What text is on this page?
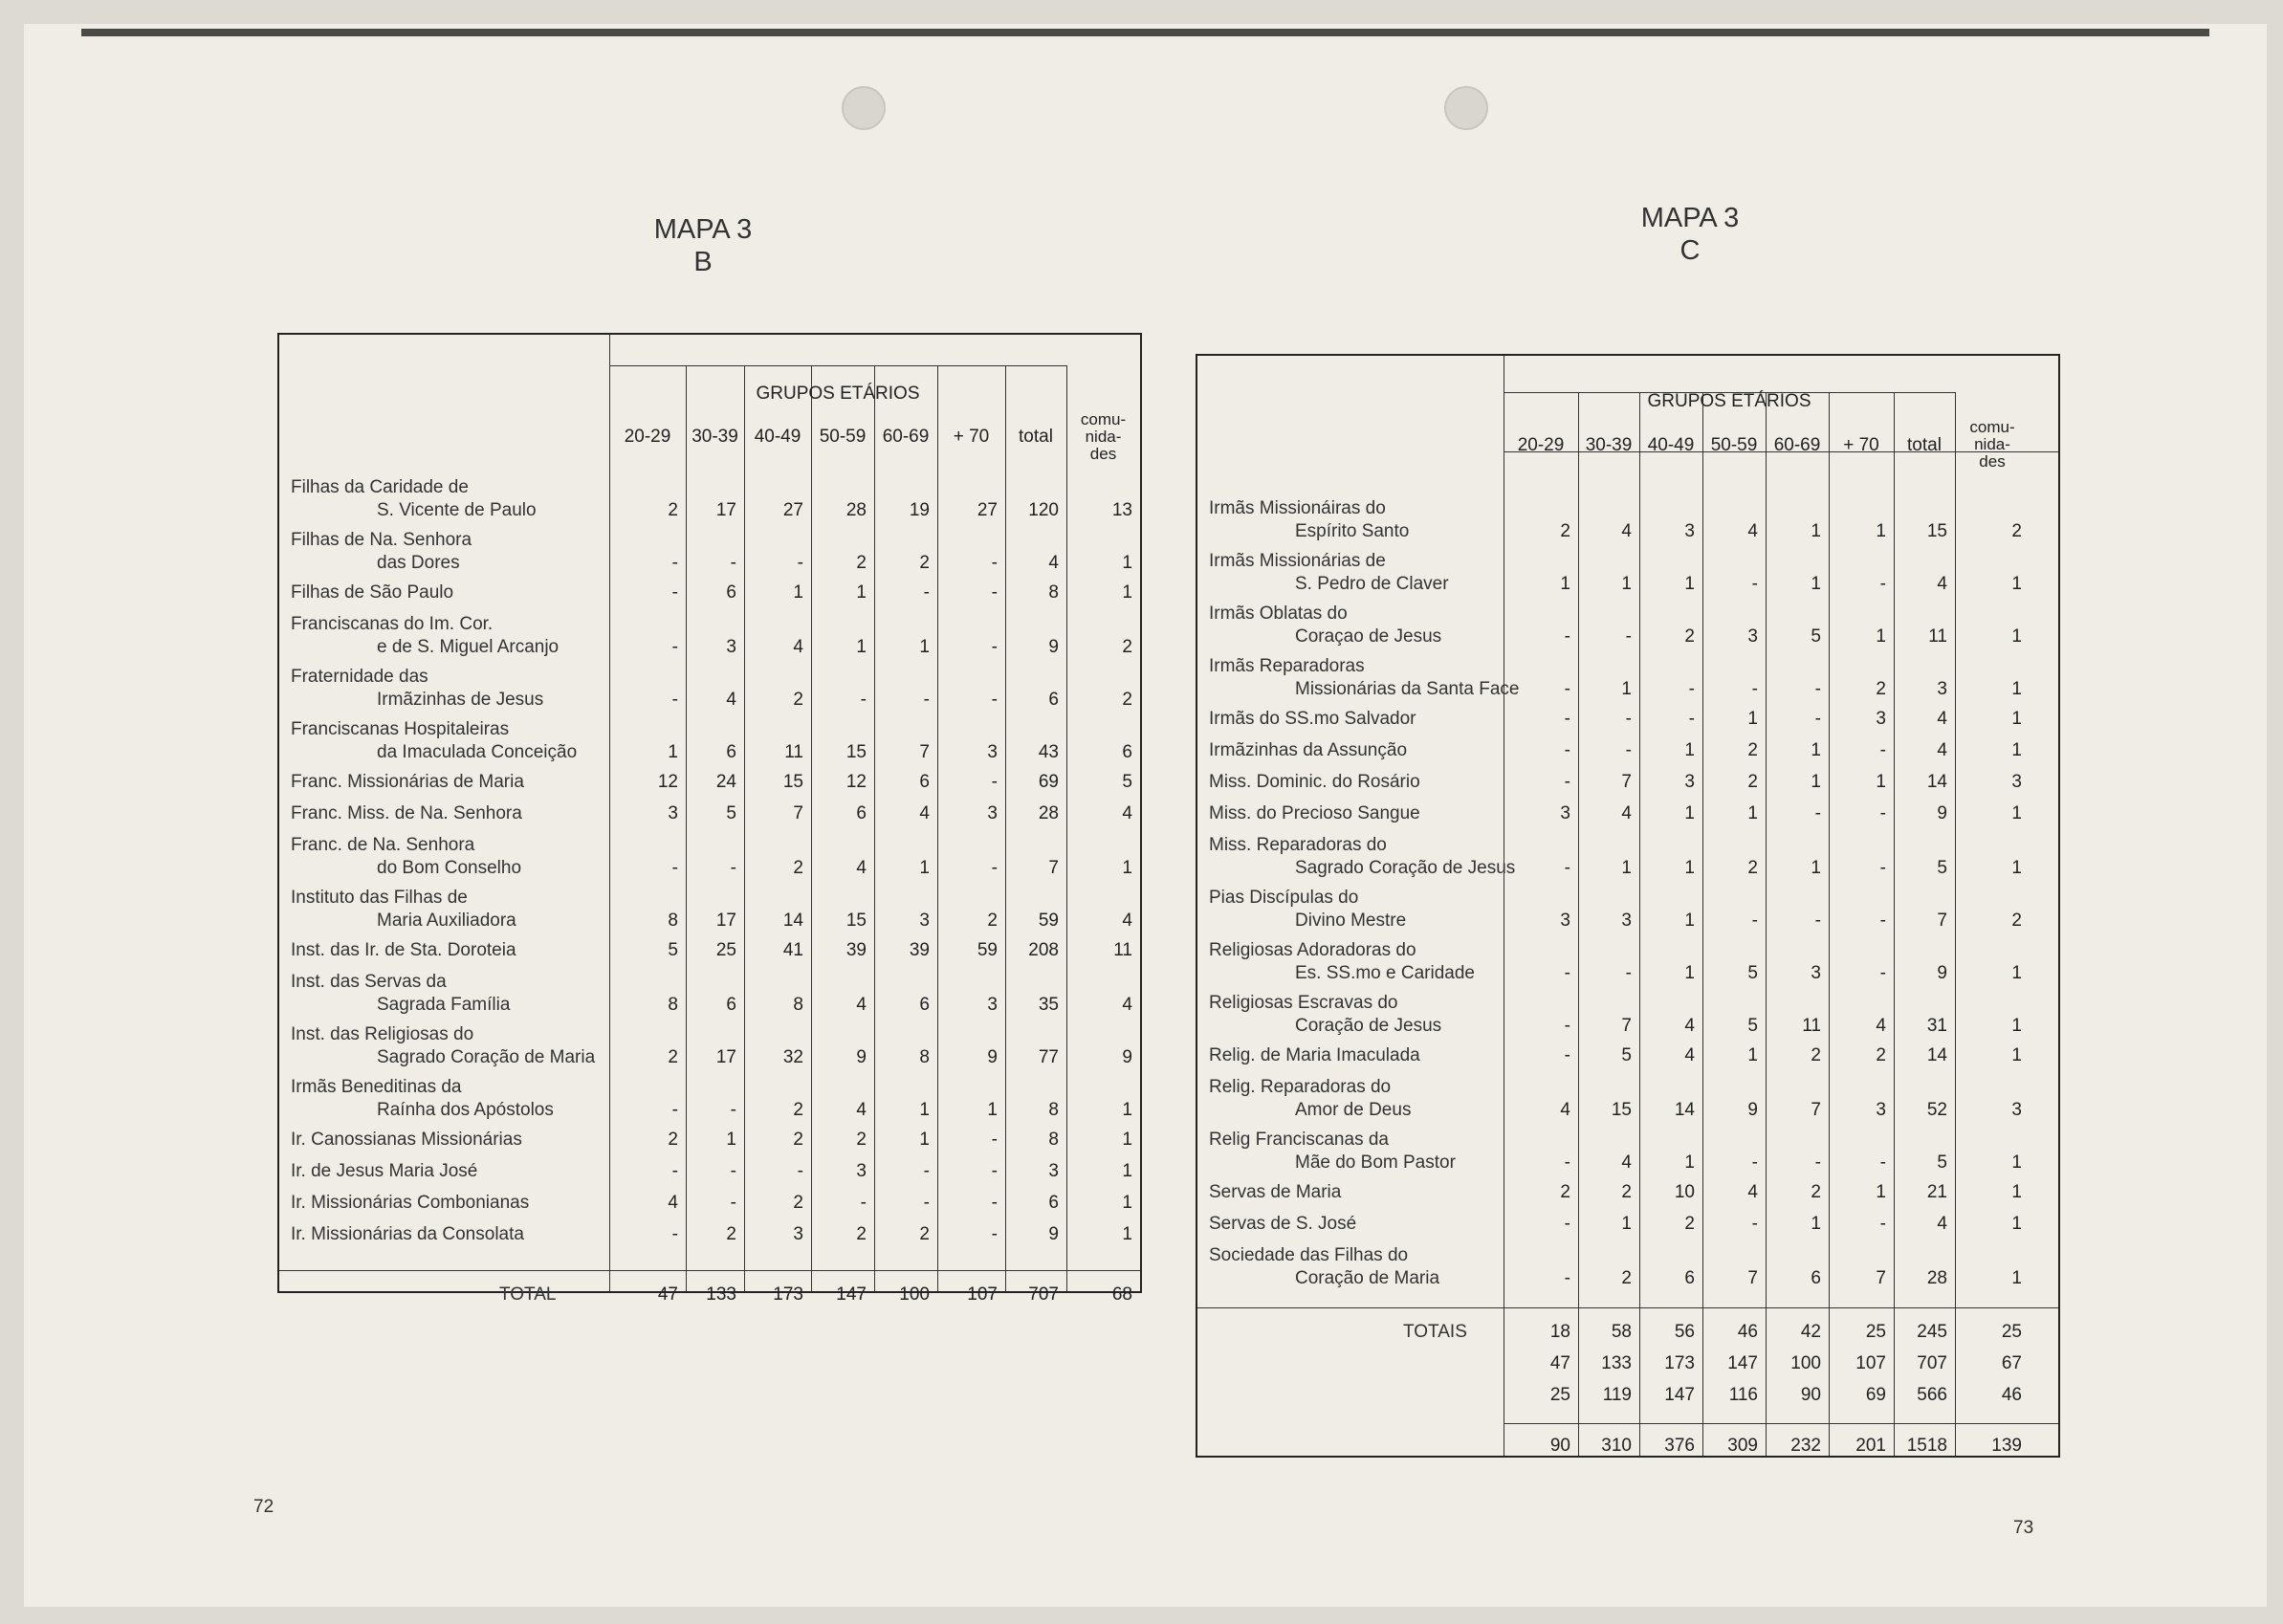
MAPA 3
B
MAPA 3
C
72
73
GRUPOS ETÁRIOS
20-29	30-39 40-49	50-59 60-69	+ 70	total
comu-
nida-
des
Filhas da Caridade de
S. Vicente de Paulo	2	17	27	28	19	27	120	13
Filhas de Na. Senhora
das Dores	-	-	-	2	2	-	4	1
Filhas de São Paulo	-	6	1	1	-	-	8	1
Franciscanas do Im. Cor.
e de S. Miguel Arcanjo	-	3	4	1	1	-	9	2
Fraternidade das
Irmãzinhas de Jesus	-	4	2	-	-	-	6	2
Franciscanas Hospitaleiras
da Imaculada Conceição	1	6	11	15	7	3	43	6
Franc. Missionárias de Maria	12	24	15	12	6	-	69	5
Franc. Miss. de Na. Senhora	3	5	7	6	4	3	28	4
Franc. de Na. Senhora
do Bom Conselho	-	-	2	4	1	-	7	1
Instituto das Filhas de
Maria Auxiliadora	8	17	14	15	3	2	59	4
Inst. das Ir. de Sta. Doroteia	5	25	41	39	39	59	208	11
Inst. das Servas da
Sagrada Família	8	6	8	4	6	3	35	4
Inst. das Religiosas do
Sagrado Coração de Maria	2	17	32	9	8	9	77	9
Irmãs Beneditinas da
Raínha dos Apóstolos	-	-	2	4	1	1	8	1
Ir. Canossianas Missionárias	2	1	2	2	1	-	8	1
Ir. de Jesus Maria José	-	-	-	3	-	-	3	1
Ir. Missionárias Combonianas	4	-	2	-	-	-	6	1
Ir. Missionárias da Consolata	-	2	3	2	2	-	9	1
TOTAL	47	133	173	147	100	107	707	68
GRUPOS ETÁRIOS
20-29	30-39 40-49 50-59 60-69	+ 70	total
comu-
nida-
des
Irmãs Missionáiras do
Espírito Santo	2	4	3	4	1	1	15	2
Irmãs Missionárias de
S. Pedro de Claver	1	1	1	-	1	-	4	1
Irmãs Oblatas do
Coraçao de Jesus	-	-	2	3	5	1	11	1
Irmãs Reparadoras
Missionárias da Santa Face	-	1	-	-	-	2	3	1
Irmãs do SS.mo Salvador	-	-	-	1	-	3	4	1
Irmãzinhas da Assunção	-	-	1	2	1	-	4	1
Miss. Dominic. do Rosário	-	7	3	2	1	1	14	3
Miss. do Precioso Sangue	3	4	1	1	-	-	9	1
Miss. Reparadoras do
Sagrado Coração de Jesus	-	1	1	2	1	-	5	1
Pias Discípulas do
Divino Mestre	3	3	1	-	-	-	7	2
Religiosas Adoradoras do
Es. SS.mo e Caridade	-	-	1	5	3	-	9	1
Religiosas Escravas do
Coração de Jesus	-	7	4	5	11	4	31	1
Relig. de Maria Imaculada	-	5	4	1	2	2	14	1
Relig. Reparadoras do
Amor de Deus	4	15	14	9	7	3	52	3
Relig Franciscanas da
Mãe do Bom Pastor	-	4	1	-	-	-	5	1
Servas de Maria	2	2	10	4	2	1	21	1
Servas de S. José	-	1	2	-	1	-	4	1
Sociedade das Filhas do
Coração de Maria	-	2	6	7	6	7	28	1
TOTAIS	18	58	56	46	42	25	245	25
47	133	173	147	100	107	707	67
25	119	147	116	90	69	566	46
90	310	376	309	232	201	1518	139
